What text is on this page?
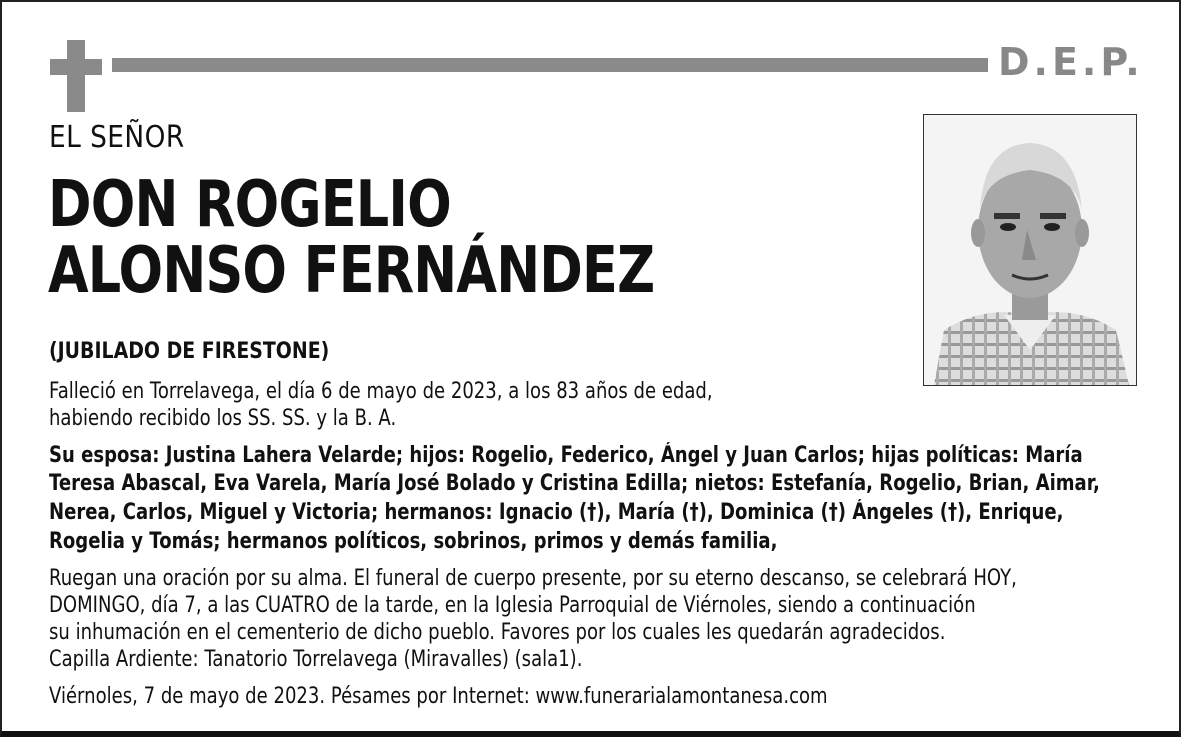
D.E.P.
EL SEÑOR
DON ROGELIO
ALONSO FERNÁNDEZ
(JUBILADO DE FIRESTONE)
Falleció en Torrelavega, el día 6 de mayo de 2023, a los 83 años de edad,
habiendo recibido los SS. SS. y la B. A.
Su esposa: Justina Lahera Velarde; hijos: Rogelio, Federico, Ángel y Juan Carlos; hijas políticas: María
Teresa Abascal, Eva Varela, María José Bolado y Cristina Edilla; nietos: Estefanía, Rogelio, Brian, Aimar,
Nerea, Carlos, Miguel y Victoria; hermanos: Ignacio (†), María (†), Dominica (†) Ángeles (†), Enrique,
Rogelia y Tomás; hermanos políticos, sobrinos, primos y demás familia,
Ruegan una oración por su alma. El funeral de cuerpo presente, por su eterno descanso, se celebrará HOY,
DOMINGO, día 7, a las CUATRO de la tarde, en la Iglesia Parroquial de Viérnoles, siendo a continuación
su inhumación en el cementerio de dicho pueblo. Favores por los cuales les quedarán agradecidos.
Capilla Ardiente: Tanatorio Torrelavega (Miravalles) (sala1).
Viérnoles, 7 de mayo de 2023. Pésames por Internet: www.funerarialamontanesa.com
